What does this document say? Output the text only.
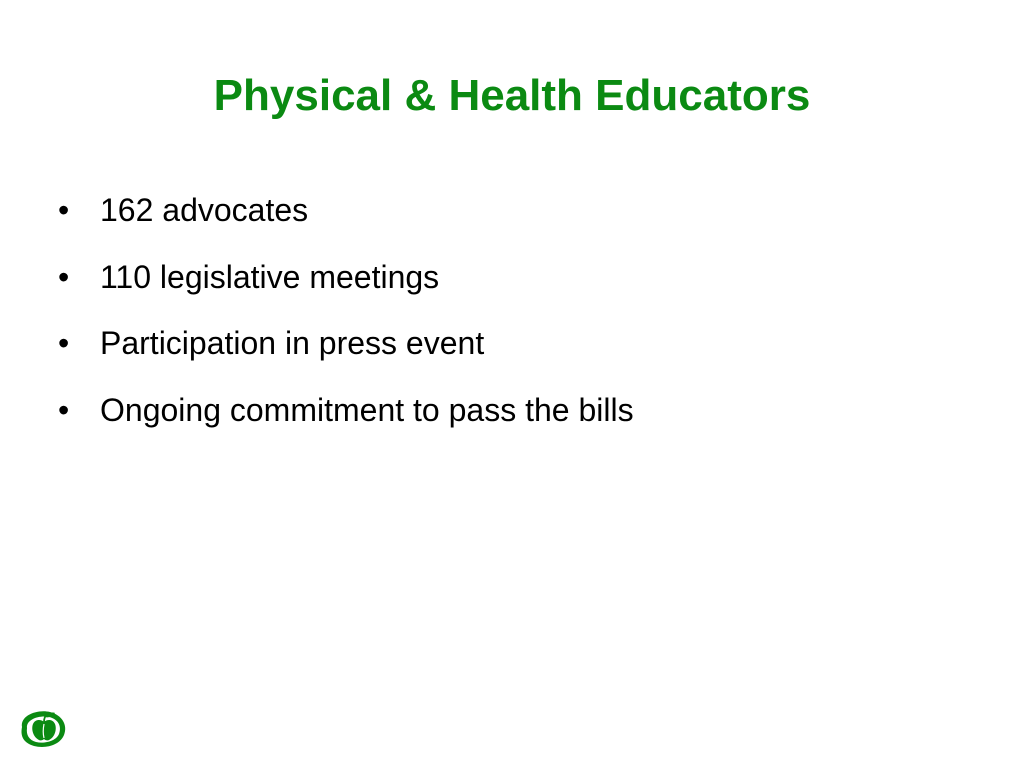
Physical & Health Educators
• 162 advocates
• 110 legislative meetings
• Participation in press event
• Ongoing commitment to pass the bills
